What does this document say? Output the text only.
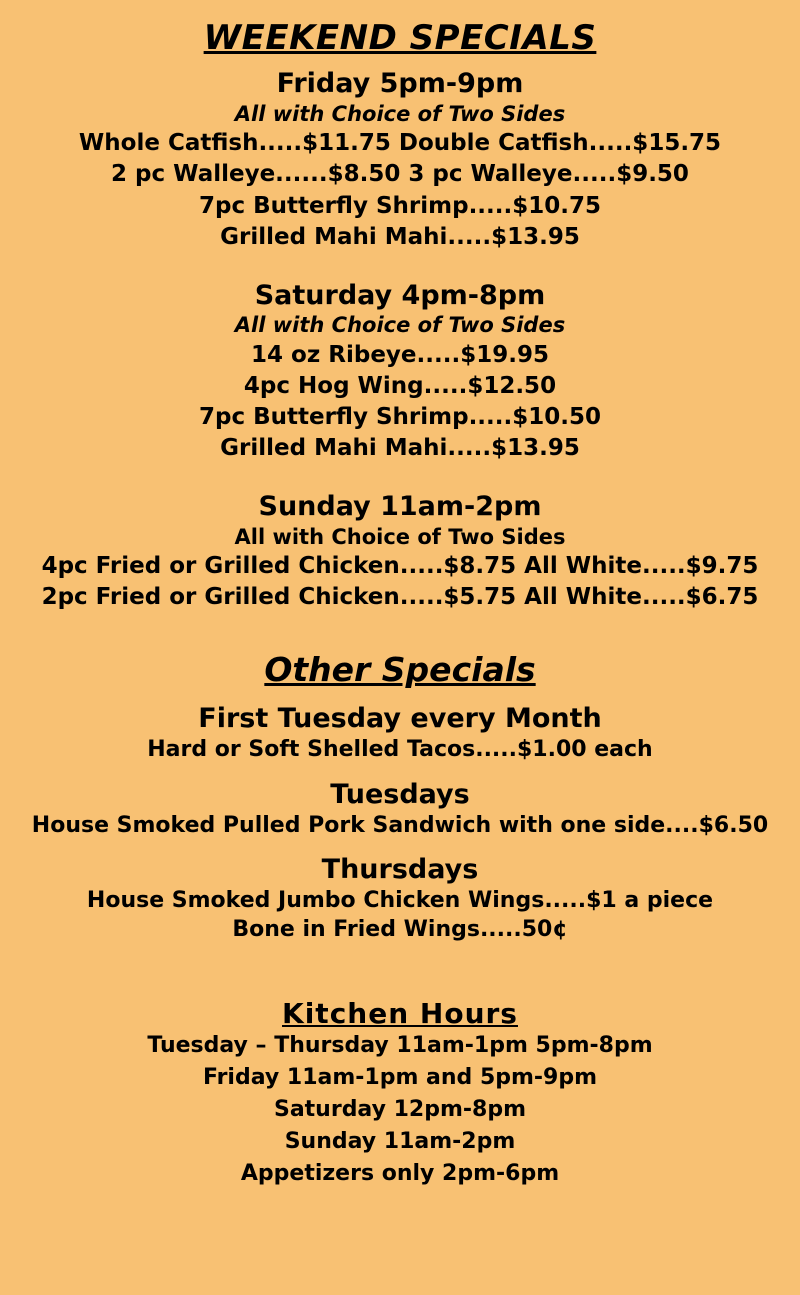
WEEKEND SPECIALS
Friday 5pm-9pm
All with Choice of Two Sides
Whole Catfish.....$11.75 Double Catfish.....$15.75
2 pc Walleye......$8.50 3 pc Walleye.....$9.50
7pc Butterfly Shrimp.....$10.75
Grilled Mahi Mahi.....$13.95
Saturday 4pm-8pm
All with Choice of Two Sides
14 oz Ribeye.....$19.95
4pc Hog Wing.....$12.50
7pc Butterfly Shrimp.....$10.50
Grilled Mahi Mahi.....$13.95
Sunday 11am-2pm
All with Choice of Two Sides
4pc Fried or Grilled Chicken.....$8.75 All White.....$9.75
2pc Fried or Grilled Chicken.....$5.75 All White.....$6.75
Other Specials
First Tuesday every Month
Hard or Soft Shelled Tacos.....$1.00 each
Tuesdays
House Smoked Pulled Pork Sandwich with one side....$6.50
Thursdays
House Smoked Jumbo Chicken Wings.....$1 a piece
Bone in Fried Wings.....50¢
Kitchen Hours
Tuesday – Thursday 11am-1pm 5pm-8pm
Friday 11am-1pm and 5pm-9pm
Saturday 12pm-8pm
Sunday 11am-2pm
Appetizers only 2pm-6pm
